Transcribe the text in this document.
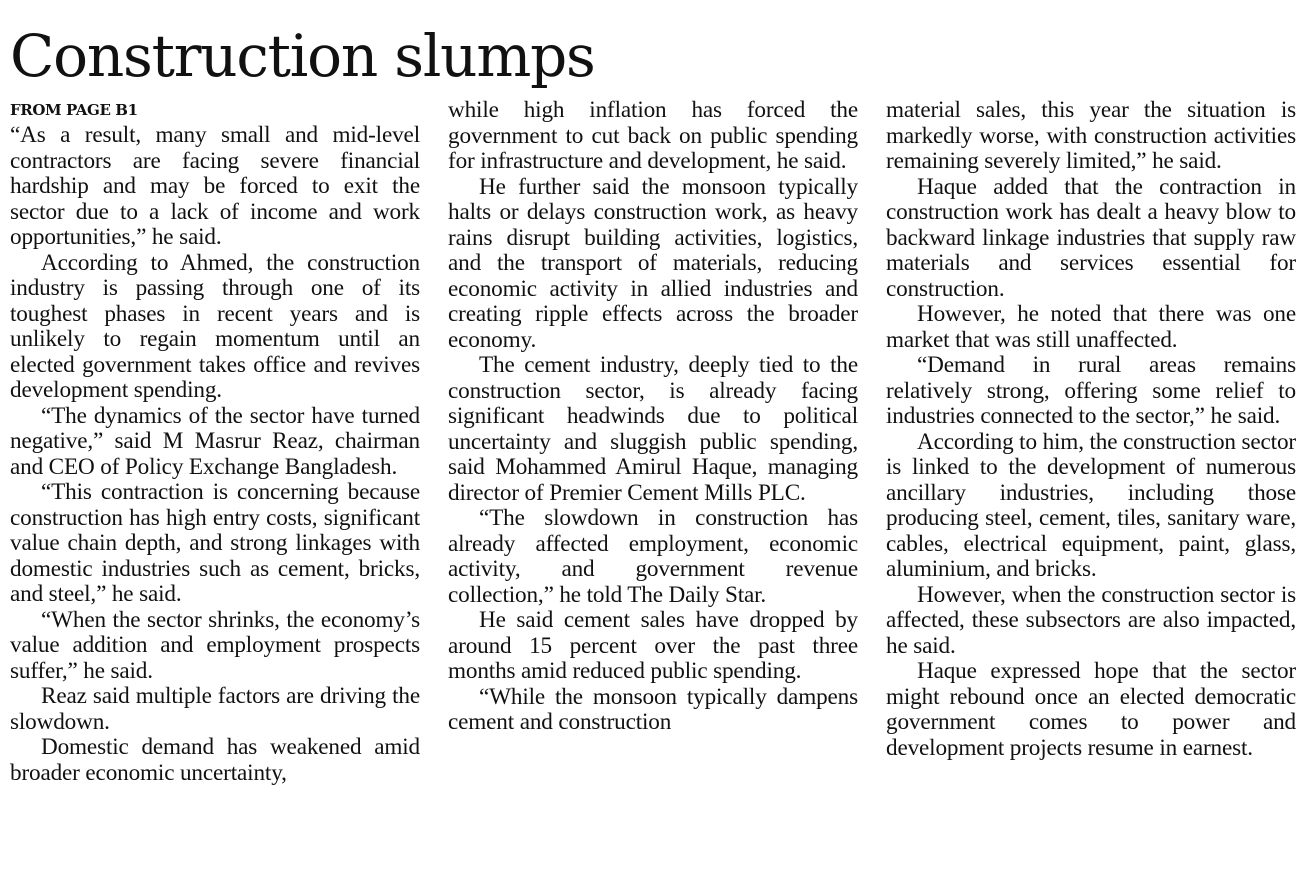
Construction slumps
FROM PAGE B1

“As a result, many small and mid-level contractors are facing severe financial hardship and may be forced to exit the sector due to a lack of income and work opportunities,” he said.

According to Ahmed, the construction industry is passing through one of its toughest phases in recent years and is unlikely to regain momentum until an elected government takes office and revives development spending.

“The dynamics of the sector have turned negative,” said M Masrur Reaz, chairman and CEO of Policy Exchange Bangladesh.

“This contraction is concerning because construction has high entry costs, significant value chain depth, and strong linkages with domestic industries such as cement, bricks, and steel,” he said.

“When the sector shrinks, the economy’s value addition and employment prospects suffer,” he said.

Reaz said multiple factors are driving the slowdown.

Domestic demand has weakened amid broader economic uncertainty,

while high inflation has forced the government to cut back on public spending for infrastructure and development, he said.

He further said the monsoon typically halts or delays construction work, as heavy rains disrupt building activities, logistics, and the transport of materials, reducing economic activity in allied industries and creating ripple effects across the broader economy.

The cement industry, deeply tied to the construction sector, is already facing significant headwinds due to political uncertainty and sluggish public spending, said Mohammed Amirul Haque, managing director of Premier Cement Mills PLC.

“The slowdown in construction has already affected employment, economic activity, and government revenue collection,” he told The Daily Star.

He said cement sales have dropped by around 15 percent over the past three months amid reduced public spending.

“While the monsoon typically dampens cement and construction

material sales, this year the situation is markedly worse, with construction activities remaining severely limited,” he said.

Haque added that the contraction in construction work has dealt a heavy blow to backward linkage industries that supply raw materials and services essential for construction.

However, he noted that there was one market that was still unaffected.

“Demand in rural areas remains relatively strong, offering some relief to industries connected to the sector,” he said.

According to him, the construction sector is linked to the development of numerous ancillary industries, including those producing steel, cement, tiles, sanitary ware, cables, electrical equipment, paint, glass, aluminium, and bricks.

However, when the construction sector is affected, these subsectors are also impacted, he said.

Haque expressed hope that the sector might rebound once an elected democratic government comes to power and development projects resume in earnest.
